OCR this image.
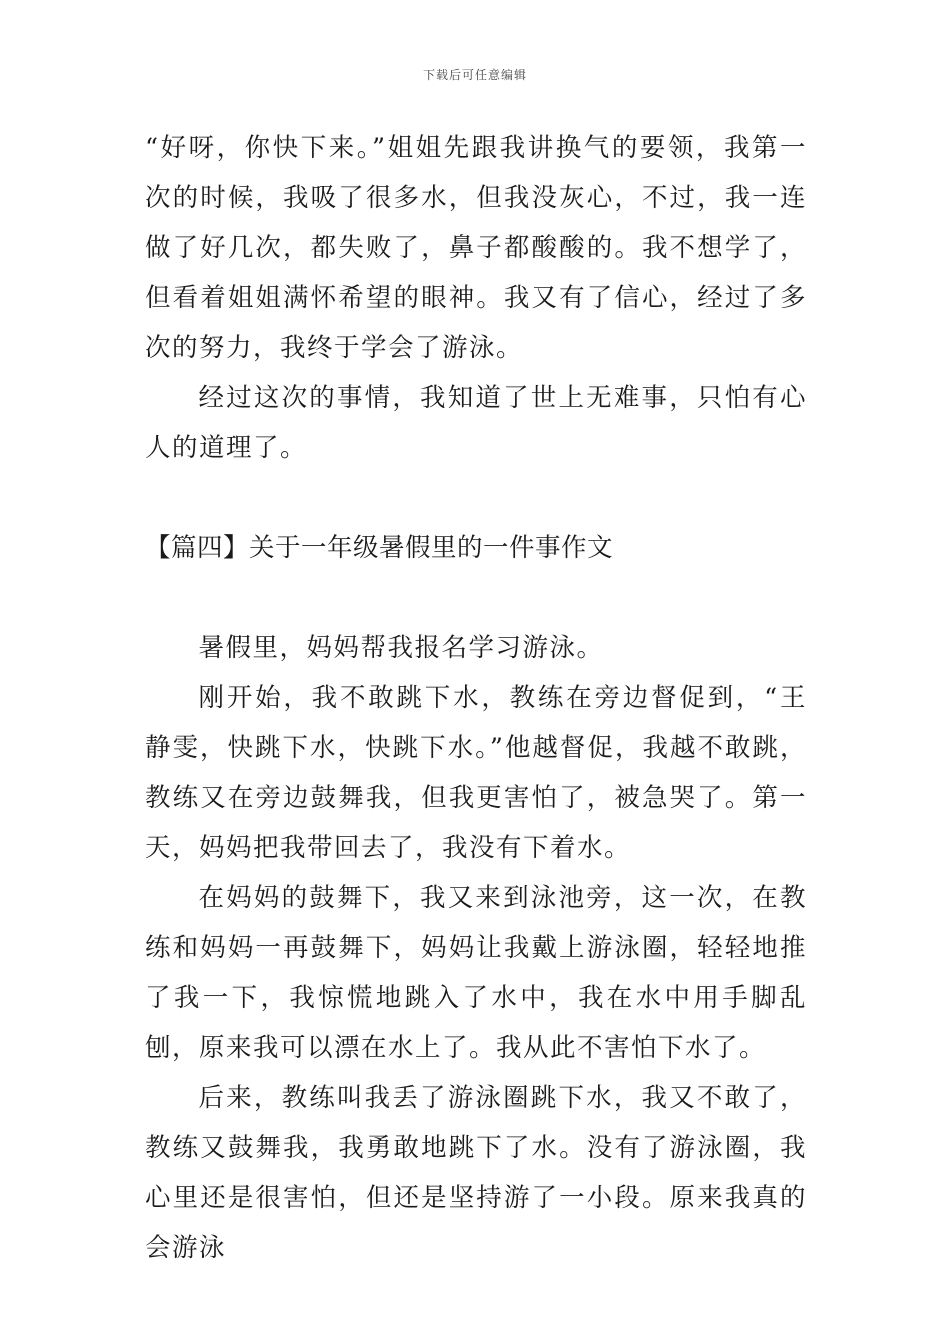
下载后可任意编辑

“好呀，你快下来。”姐姐先跟我讲换气的要领，我第一次的时候，我吸了很多水，但我没灰心，不过，我一连做了好几次，都失败了，鼻子都酸酸的。我不想学了，但看着姐姐满怀希望的眼神。我又有了信心，经过了多次的努力，我终于学会了游泳。

经过这次的事情，我知道了世上无难事，只怕有心人的道理了。

【篇四】关于一年级暑假里的一件事作文

暑假里，妈妈帮我报名学习游泳。

刚开始，我不敢跳下水，教练在旁边督促到，“王静雯，快跳下水，快跳下水。”他越督促，我越不敢跳，教练又在旁边鼓舞我，但我更害怕了，被急哭了。第一天，妈妈把我带回去了，我没有下着水。

在妈妈的鼓舞下，我又来到泳池旁，这一次，在教练和妈妈一再鼓舞下，妈妈让我戴上游泳圈，轻轻地推了我一下，我惊慌地跳入了水中，我在水中用手脚乱刨，原来我可以漂在水上了。我从此不害怕下水了。

后来，教练叫我丢了游泳圈跳下水，我又不敢了，教练又鼓舞我，我勇敢地跳下了水。没有了游泳圈，我心里还是很害怕，但还是坚持游了一小段。原来我真的会游泳
